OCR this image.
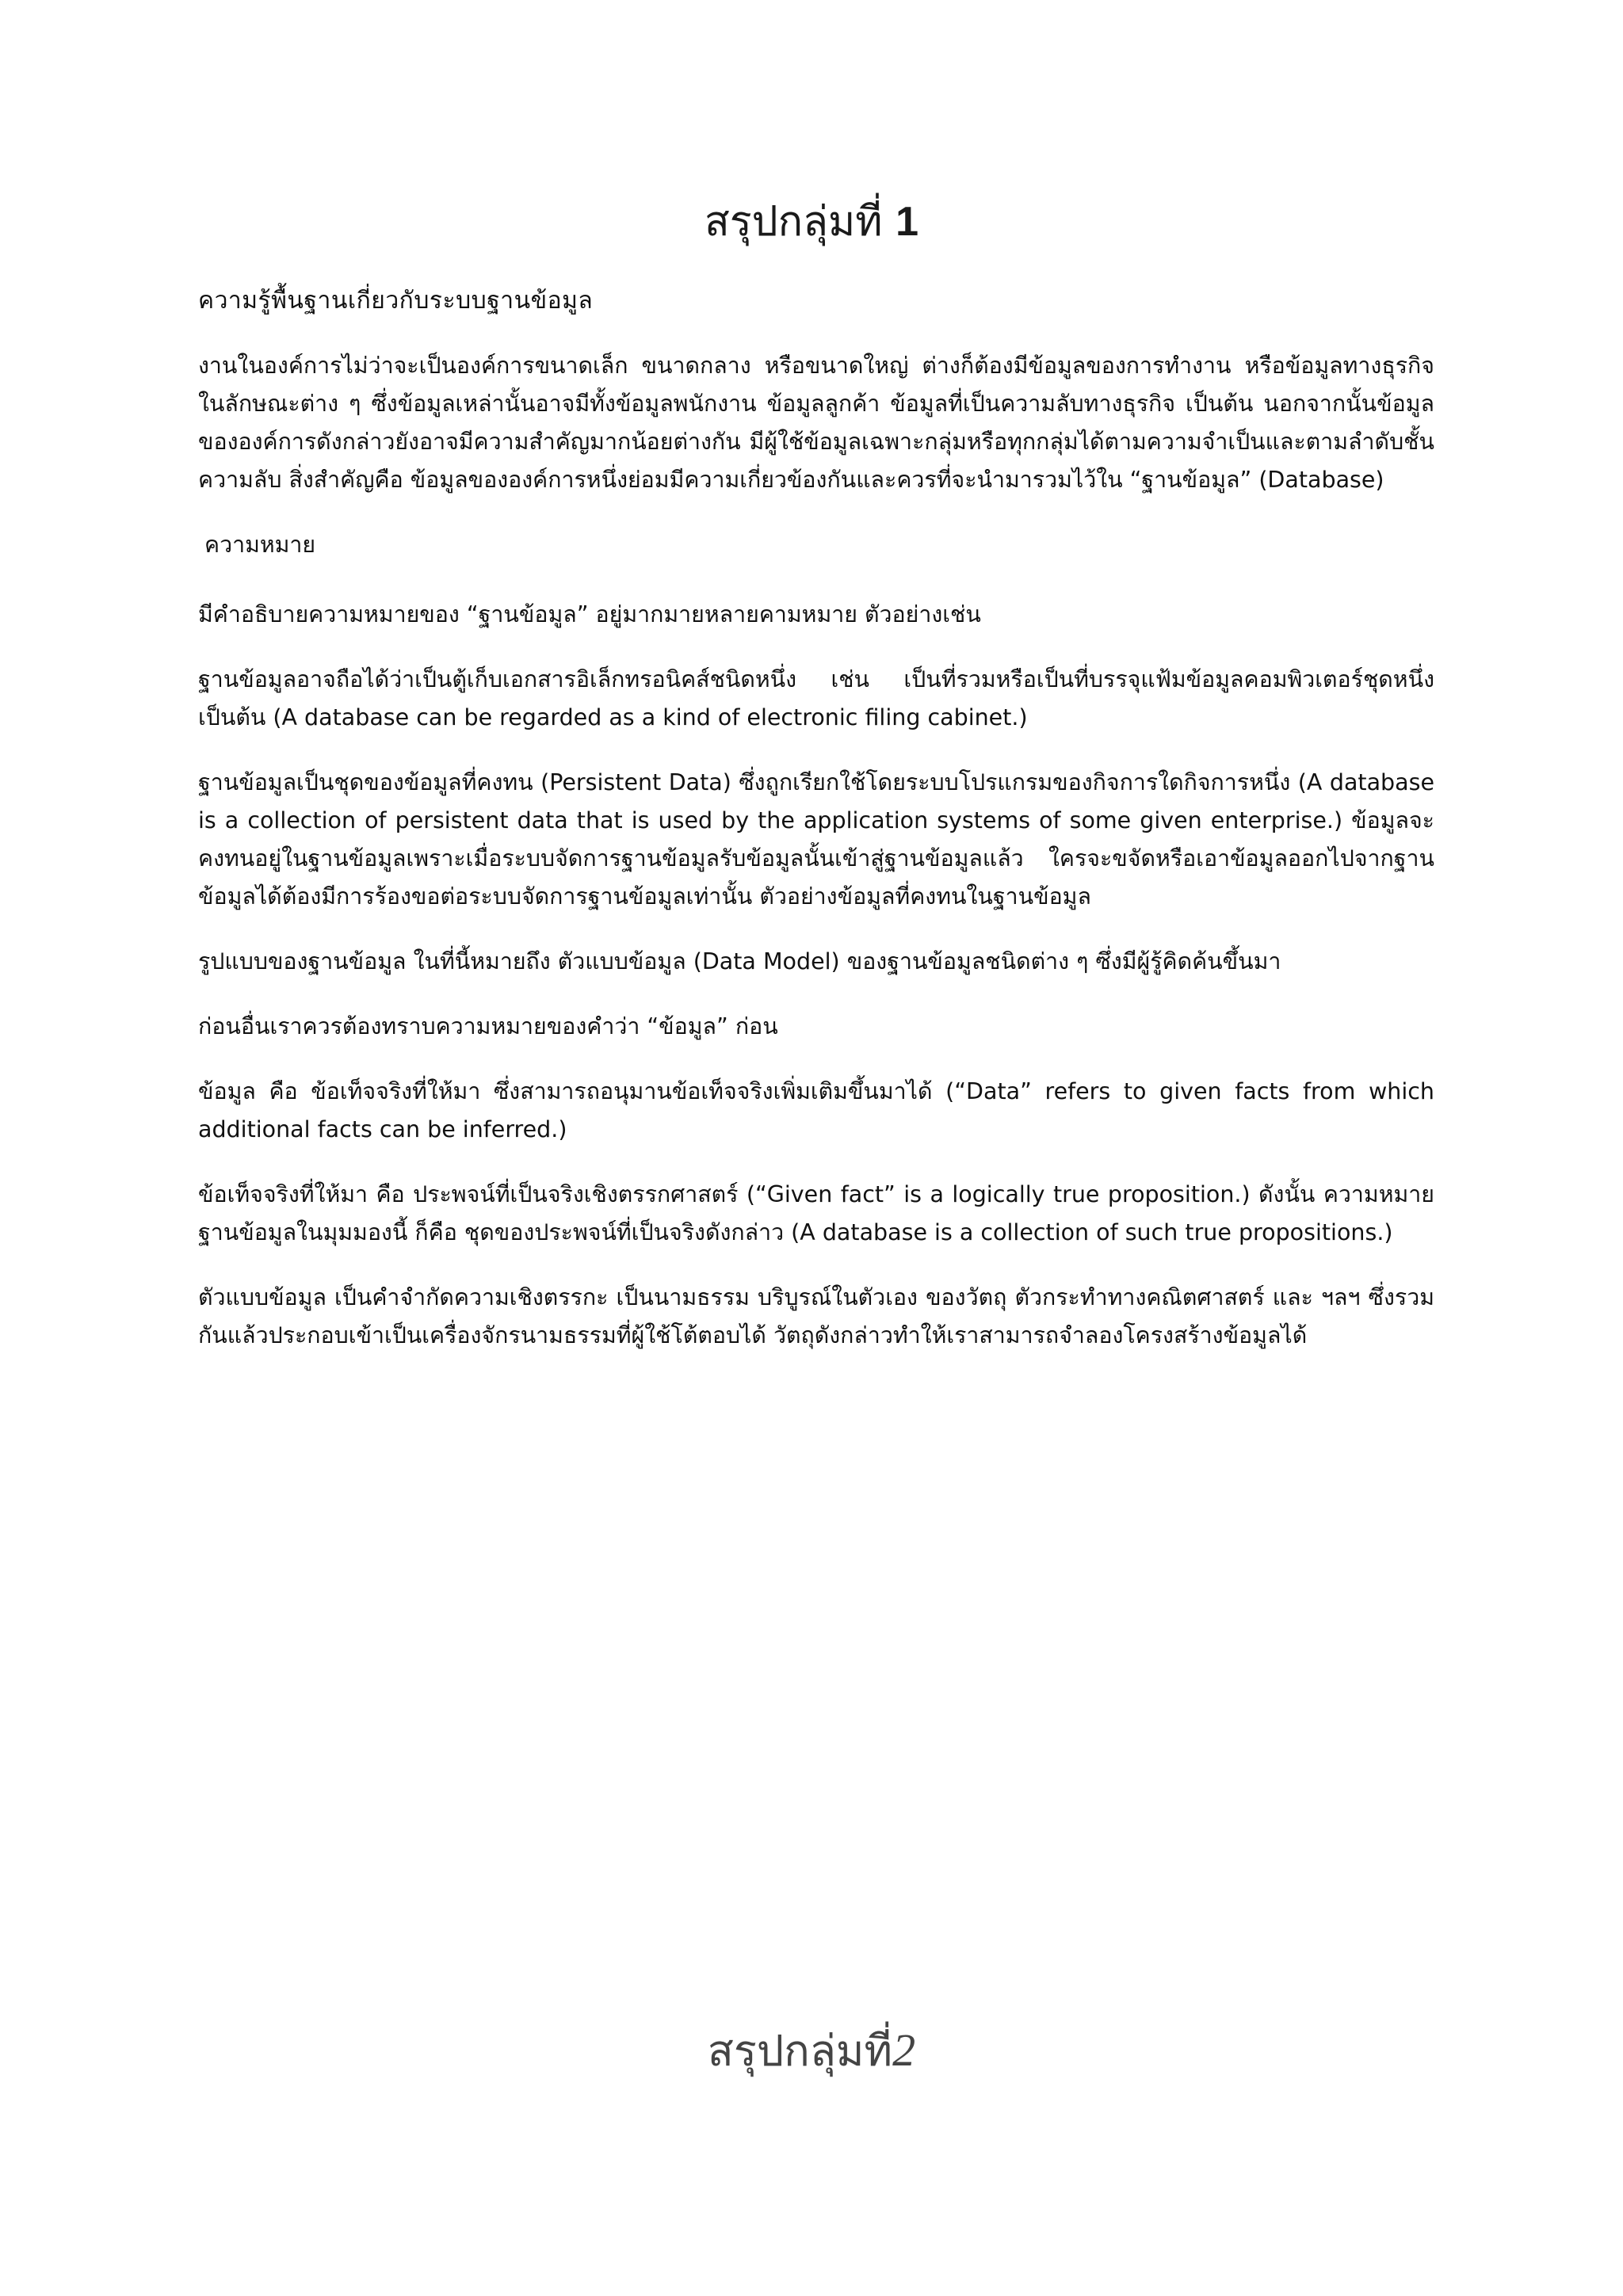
สรุปกลุ่มที่ 1

ความรู้พื้นฐานเกี่ยวกับระบบฐานข้อมูล

งานในองค์การไม่ว่าจะเป็นองค์การขนาดเล็ก ขนาดกลาง หรือขนาดใหญ่ ต่างก็ต้องมีข้อมูลของการทำงาน หรือข้อมูลทางธุรกิจในลักษณะต่าง ๆ ซึ่งข้อมูลเหล่านั้นอาจมีทั้งข้อมูลพนักงาน ข้อมูลลูกค้า ข้อมูลที่เป็นความลับทางธุรกิจ เป็นต้น นอกจากนั้นข้อมูลขององค์การดังกล่าวยังอาจมีความสำคัญมากน้อยต่างกัน มีผู้ใช้ข้อมูลเฉพาะกลุ่มหรือทุกกลุ่มได้ตามความจำเป็นและตามลำดับชั้นความลับ สิ่งสำคัญคือ ข้อมูลขององค์การหนึ่งย่อมมีความเกี่ยวข้องกันและควรที่จะนำมารวมไว้ใน “ฐานข้อมูล” (Database)

ความหมาย

มีคำอธิบายความหมายของ “ฐานข้อมูล” อยู่มากมายหลายคามหมาย ตัวอย่างเช่น

ฐานข้อมูลอาจถือได้ว่าเป็นตู้เก็บเอกสารอิเล็กทรอนิคส์ชนิดหนึ่ง เช่น เป็นที่รวมหรือเป็นที่บรรจุแฟ้มข้อมูลคอมพิวเตอร์ชุดหนึ่ง เป็นต้น (A database can be regarded as a kind of electronic filing cabinet.)

ฐานข้อมูลเป็นชุดของข้อมูลที่คงทน (Persistent Data) ซึ่งถูกเรียกใช้โดยระบบโปรแกรมของกิจการใดกิจการหนึ่ง (A database is a collection of persistent data that is used by the application systems of some given enterprise.) ข้อมูลจะคงทนอยู่ในฐานข้อมูลเพราะเมื่อระบบจัดการฐานข้อมูลรับข้อมูลนั้นเข้าสู่ฐานข้อมูลแล้ว ใครจะขจัดหรือเอาข้อมูลออกไปจากฐานข้อมูลได้ต้องมีการร้องขอต่อระบบจัดการฐานข้อมูลเท่านั้น ตัวอย่างข้อมูลที่คงทนในฐานข้อมูล

รูปแบบของฐานข้อมูล ในที่นี้หมายถึง ตัวแบบข้อมูล (Data Model) ของฐานข้อมูลชนิดต่าง ๆ ซึ่งมีผู้รู้คิดค้นขึ้นมา

ก่อนอื่นเราควรต้องทราบความหมายของคำว่า “ข้อมูล” ก่อน

ข้อมูล คือ ข้อเท็จจริงที่ให้มา ซึ่งสามารถอนุมานข้อเท็จจริงเพิ่มเติมขึ้นมาได้ (“Data” refers to given facts from which additional facts can be inferred.)

ข้อเท็จจริงที่ให้มา คือ ประพจน์ที่เป็นจริงเชิงตรรกศาสตร์ (“Given fact” is a logically true proposition.) ดังนั้น ความหมายฐานข้อมูลในมุมมองนี้ ก็คือ ชุดของประพจน์ที่เป็นจริงดังกล่าว (A database is a collection of such true propositions.)

ตัวแบบข้อมูล เป็นคำจำกัดความเชิงตรรกะ เป็นนามธรรม บริบูรณ์ในตัวเอง ของวัตถุ ตัวกระทำทางคณิตศาสตร์ และ ฯลฯ ซึ่งรวมกันแล้วประกอบเข้าเป็นเครื่องจักรนามธรรมที่ผู้ใช้โต้ตอบได้ วัตถุดังกล่าวทำให้เราสามารถจำลองโครงสร้างข้อมูลได้

สรุปกลุ่มที่2
